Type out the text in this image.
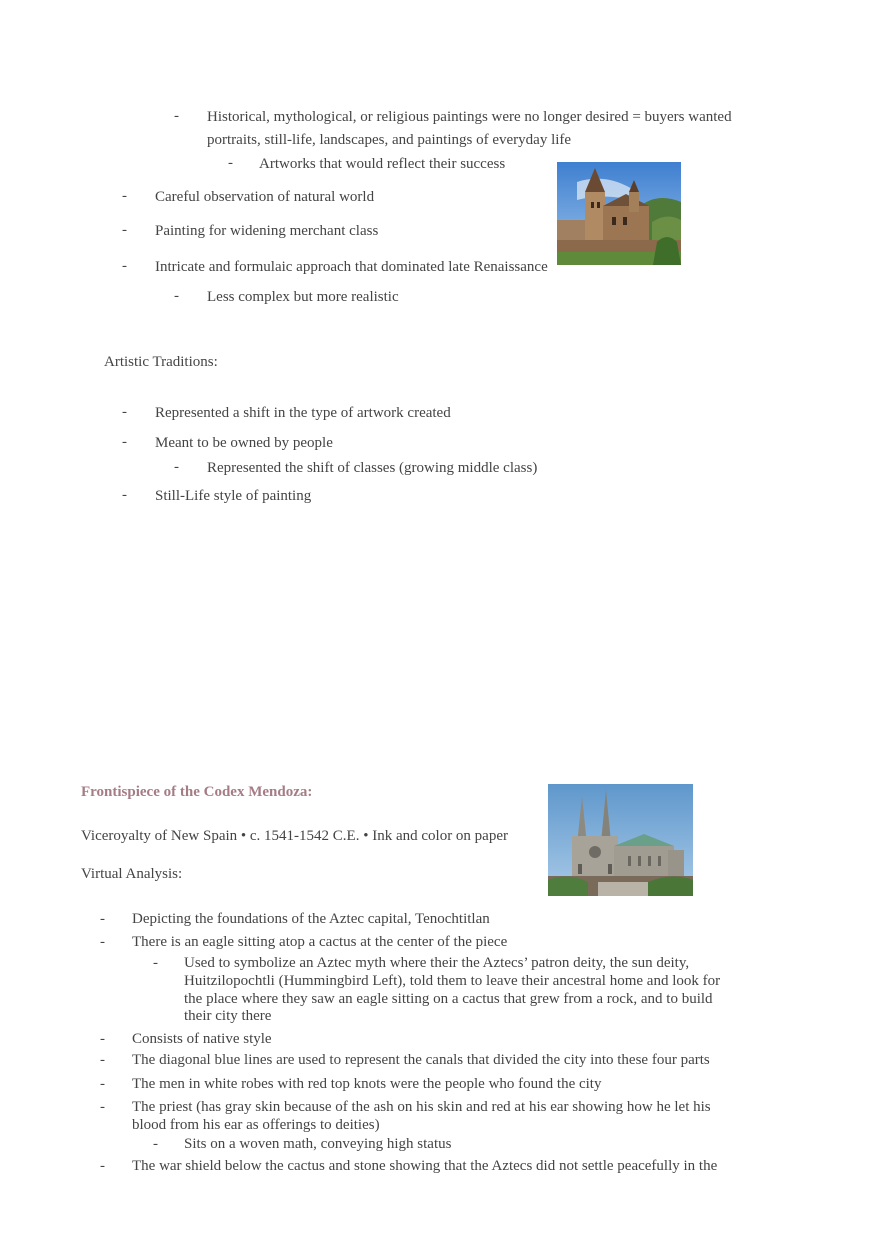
- Historical, mythological, or religious paintings were no longer desired = buyers wanted
portraits, still-life, landscapes, and paintings of everyday life
- Artworks that would reflect their success
- Careful observation of natural world
- Painting for widening merchant class
- Intricate and formulaic approach that dominated late Renaissance
- Less complex but more realistic
Artistic Traditions:
- Represented a shift in the type of artwork created
- Meant to be owned by people
- Represented the shift of classes (growing middle class)
- Still-Life style of painting
Frontispiece of the Codex Mendoza:
Viceroyalty of New Spain • c. 1541-1542 C.E. • Ink and color on paper
Virtual Analysis:
- Depicting the foundations of the Aztec capital, Tenochtitlan
- There is an eagle sitting atop a cactus at the center of the piece
- Used to symbolize an Aztec myth where their the Aztecs’ patron deity, the sun deity,
Huitzilopochtli (Hummingbird Left), told them to leave their ancestral home and look for
the place where they saw an eagle sitting on a cactus that grew from a rock, and to build
their city there
- Consists of native style
- The diagonal blue lines are used to represent the canals that divided the city into these four parts
- The men in white robes with red top knots were the people who found the city
- The priest (has gray skin because of the ash on his skin and red at his ear showing how he let his
blood from his ear as offerings to deities)
- Sits on a woven math, conveying high status
- The war shield below the cactus and stone showing that the Aztecs did not settle peacefully in the
